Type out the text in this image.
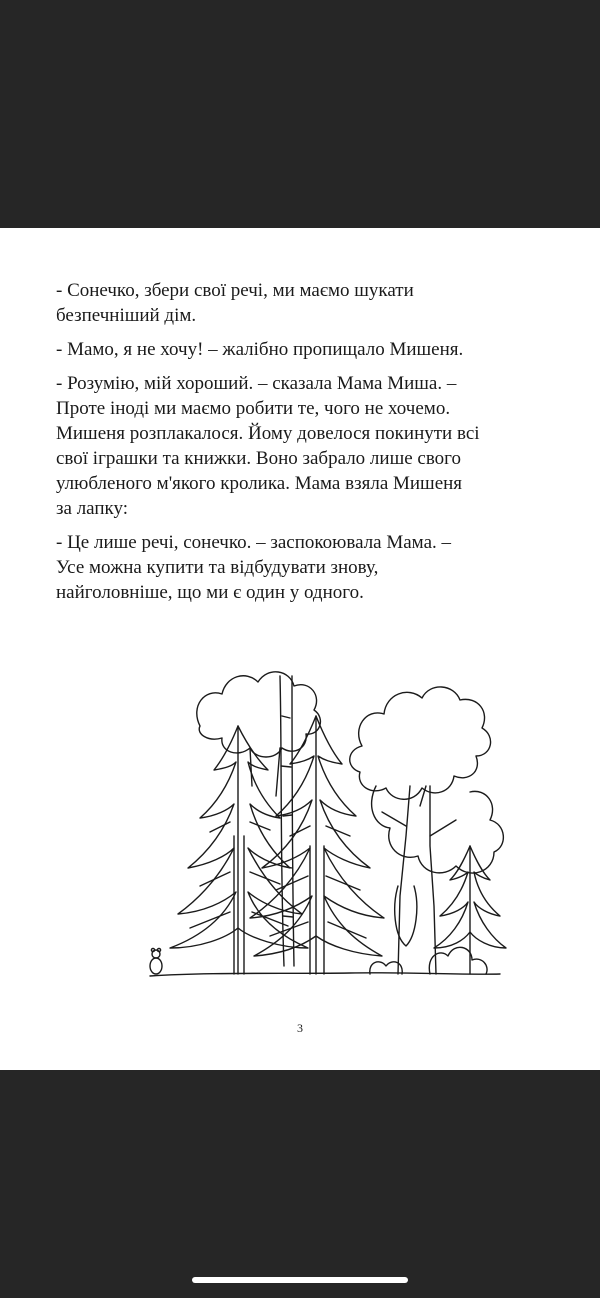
- Сонечко, збери свої речі, ми маємо шукати
безпечніший дім.

- Мамо, я не хочу! – жалібно пропищало Мишеня.

- Розумію, мій хороший. – сказала Мама Миша. –
Проте іноді ми маємо робити те, чого не хочемо.
Мишеня розплакалося. Йому довелося покинути всі
свої іграшки та книжки. Воно забрало лише свого
улюбленого м'якого кролика. Мама взяла Мишеня
за лапку:

- Це лише речі, сонечко. – заспокоювала Мама. –
Усе можна купити та відбудувати знову,
найголовніше, що ми є один у одного.

3
